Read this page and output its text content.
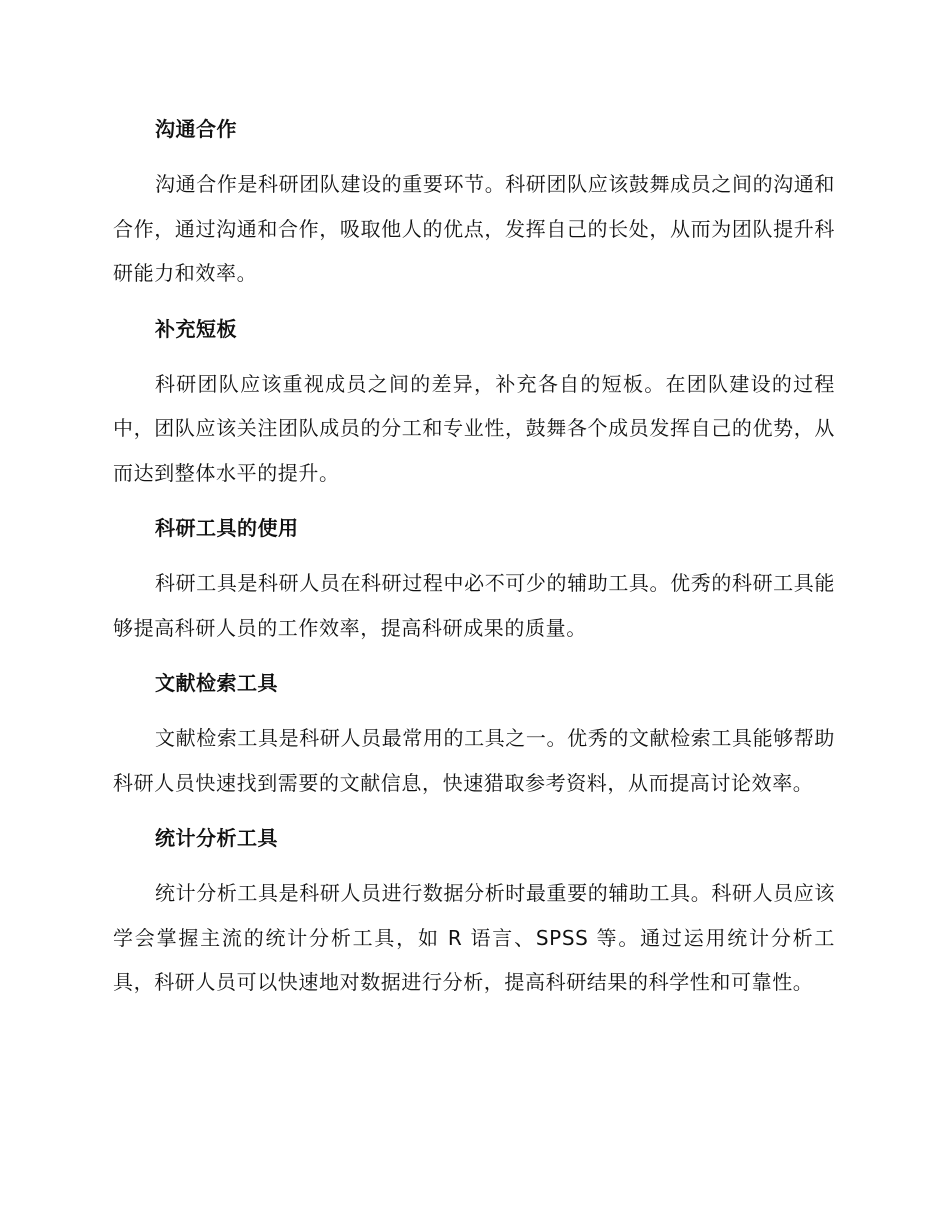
沟通合作

沟通合作是科研团队建设的重要环节。科研团队应该鼓舞成员之间的沟通和合作，通过沟通和合作，吸取他人的优点，发挥自己的长处，从而为团队提升科研能力和效率。

补充短板

科研团队应该重视成员之间的差异，补充各自的短板。在团队建设的过程中，团队应该关注团队成员的分工和专业性，鼓舞各个成员发挥自己的优势，从而达到整体水平的提升。

科研工具的使用

科研工具是科研人员在科研过程中必不可少的辅助工具。优秀的科研工具能够提高科研人员的工作效率，提高科研成果的质量。

文献检索工具

文献检索工具是科研人员最常用的工具之一。优秀的文献检索工具能够帮助科研人员快速找到需要的文献信息，快速猎取参考资料，从而提高讨论效率。

统计分析工具

统计分析工具是科研人员进行数据分析时最重要的辅助工具。科研人员应该学会掌握主流的统计分析工具，如 R 语言、SPSS 等。通过运用统计分析工具，科研人员可以快速地对数据进行分析，提高科研结果的科学性和可靠性。
